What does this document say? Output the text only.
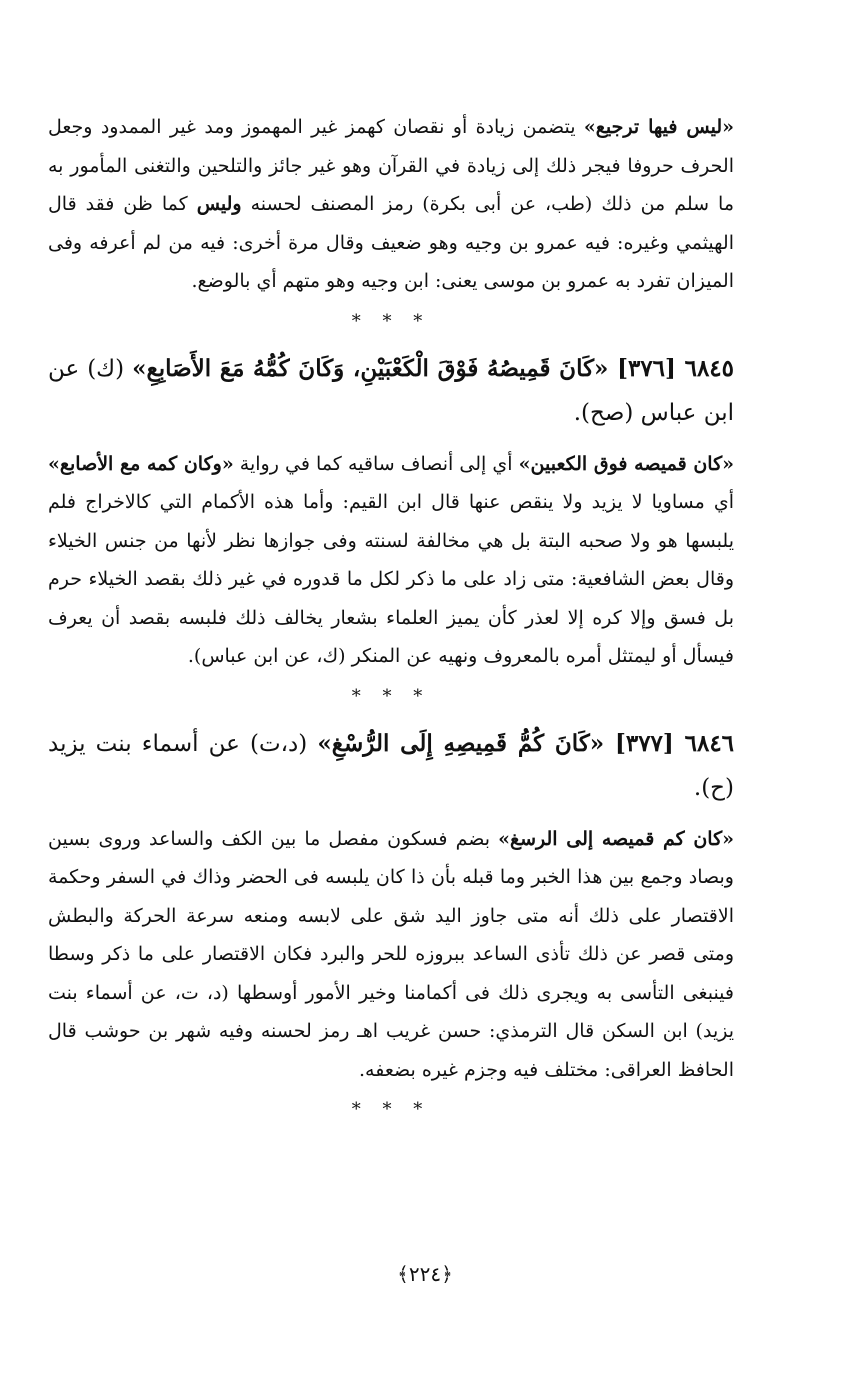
«ليس فيها ترجيع» يتضمن زيادة أو نقصان كهمز غير المهموز ومد غير الممدود وجعل الحرف حروفا فيجر ذلك إلى زيادة في القرآن وهو غير جائز والتلحين والتغنى المأمور به ما سلم من ذلك (طب، عن أبى بكرة) رمز المصنف لحسنه وليس كما ظن فقد قال الهيثمي وغيره: فيه عمرو بن وجيه وهو ضعيف وقال مرة أخرى: فيه من لم أعرفه وفى الميزان تفرد به عمرو بن موسى يعنى: ابن وجيه وهو متهم أي بالوضع.

* * *

٦٨٤٥ [٣٧٦] «كَانَ قَمِيصُهُ فَوْقَ الْكَعْبَيْنِ، وَكَانَ كُمُّهُ مَعَ الأَصَابِعِ» (ك) عن ابن عباس (صح).

«كان قميصه فوق الكعبين» أي إلى أنصاف ساقيه كما في رواية «وكان كمه مع الأصابع» أي مساويا لا يزيد ولا ينقص عنها قال ابن القيم: وأما هذه الأكمام التي كالاخراج فلم يلبسها هو ولا صحبه البتة بل هي مخالفة لسنته وفى جوازها نظر لأنها من جنس الخيلاء وقال بعض الشافعية: متى زاد على ما ذكر لكل ما قدوره في غير ذلك بقصد الخيلاء حرم بل فسق وإلا كره إلا لعذر كأن يميز العلماء بشعار يخالف ذلك فلبسه بقصد أن يعرف فيسأل أو ليمتثل أمره بالمعروف ونهيه عن المنكر (ك، عن ابن عباس).

* * *

٦٨٤٦ [٣٧٧] «كَانَ كُمُّ قَمِيصِهِ إِلَى الرُّسْغِ» (د،ت) عن أسماء بنت يزيد (ح).

«كان كم قميصه إلى الرسغ» بضم فسكون مفصل ما بين الكف والساعد وروى بسين وبصاد وجمع بين هذا الخبر وما قبله بأن ذا كان يلبسه فى الحضر وذاك في السفر وحكمة الاقتصار على ذلك أنه متى جاوز اليد شق على لابسه ومنعه سرعة الحركة والبطش ومتى قصر عن ذلك تأذى الساعد ببروزه للحر والبرد فكان الاقتصار على ما ذكر وسطا فينبغى التأسى به ويجرى ذلك فى أكمامنا وخير الأمور أوسطها (د، ت، عن أسماء بنت يزيد) ابن السكن قال الترمذي: حسن غريب اهـ رمز لحسنه وفيه شهر بن حوشب قال الحافظ العراقى: مختلف فيه وجزم غيره بضعفه.

* * *
﴿٢٢٤﴾
